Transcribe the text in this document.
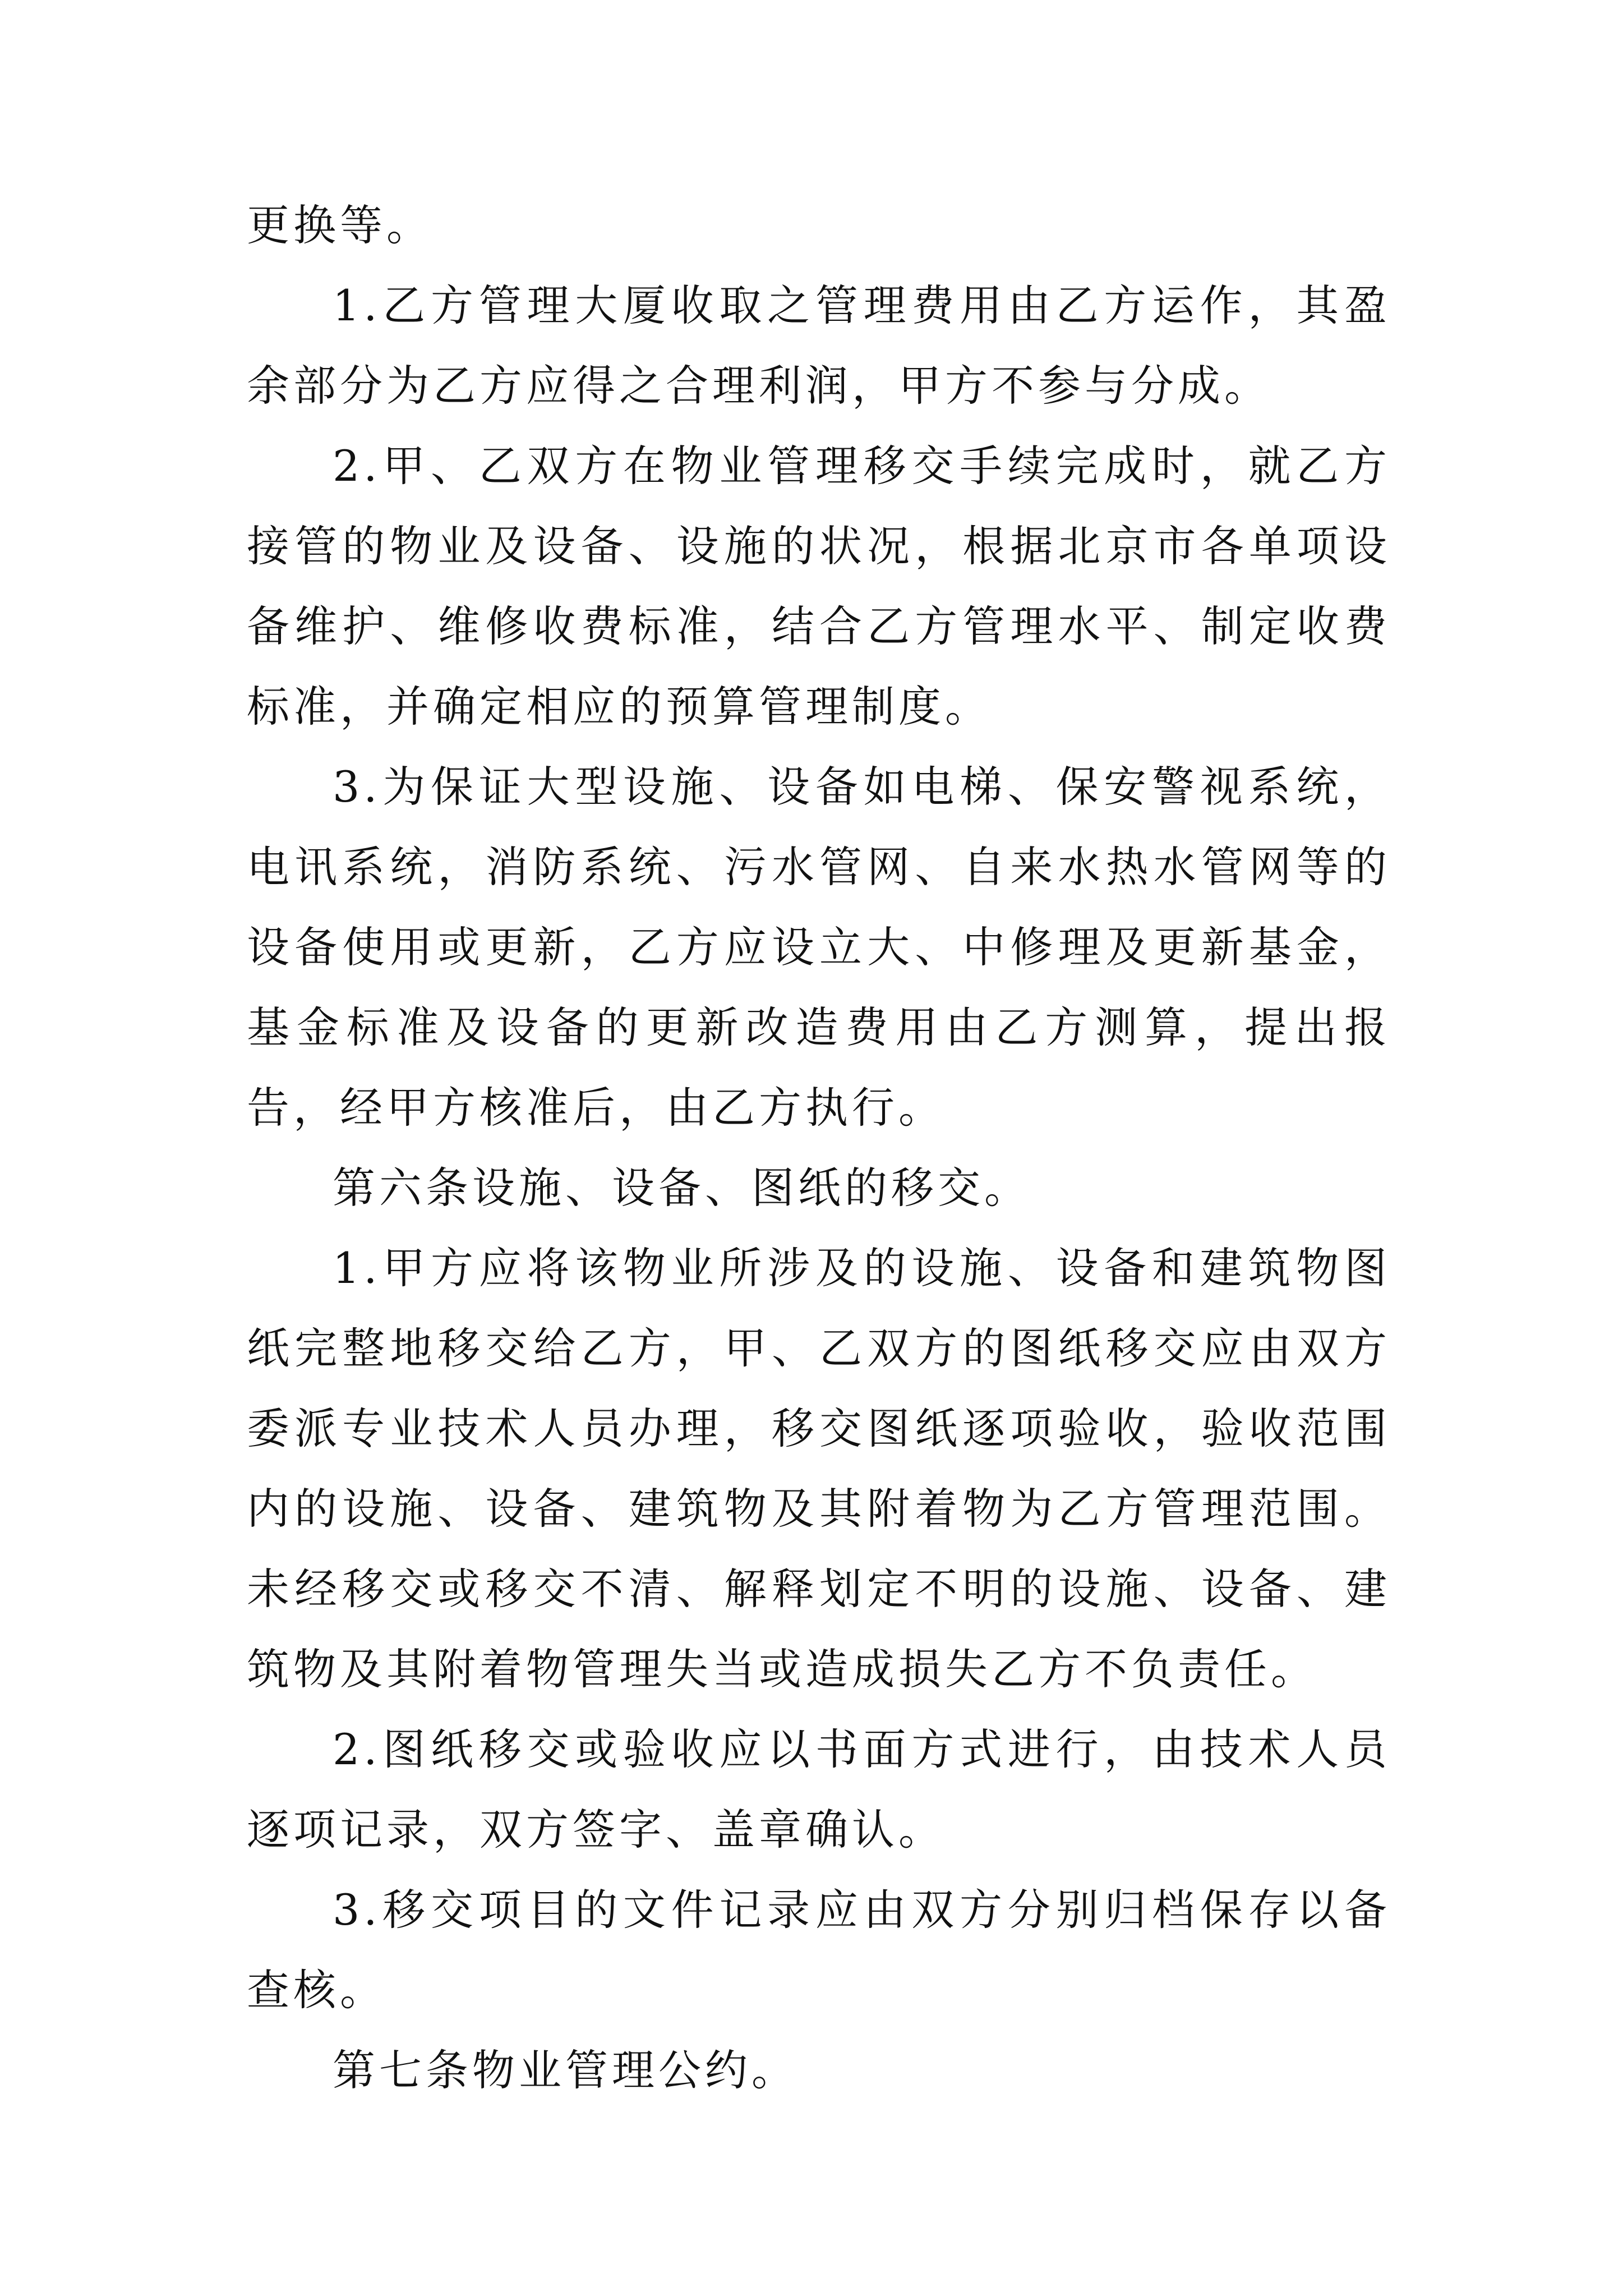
更换等。

1.乙方管理大厦收取之管理费用由乙方运作，其盈余部分为乙方应得之合理利润，甲方不参与分成。

2.甲、乙双方在物业管理移交手续完成时，就乙方接管的物业及设备、设施的状况，根据北京市各单项设备维护、维修收费标准，结合乙方管理水平、制定收费标准，并确定相应的预算管理制度。

3.为保证大型设施、设备如电梯、保安警视系统，电讯系统，消防系统、污水管网、自来水热水管网等的设备使用或更新，乙方应设立大、中修理及更新基金，基金标准及设备的更新改造费用由乙方测算，提出报告，经甲方核准后，由乙方执行。

第六条设施、设备、图纸的移交。

1.甲方应将该物业所涉及的设施、设备和建筑物图纸完整地移交给乙方，甲、乙双方的图纸移交应由双方委派专业技术人员办理，移交图纸逐项验收，验收范围内的设施、设备、建筑物及其附着物为乙方管理范围。未经移交或移交不清、解释划定不明的设施、设备、建筑物及其附着物管理失当或造成损失乙方不负责任。

2.图纸移交或验收应以书面方式进行，由技术人员逐项记录，双方签字、盖章确认。

3.移交项目的文件记录应由双方分别归档保存以备查核。

第七条物业管理公约。
